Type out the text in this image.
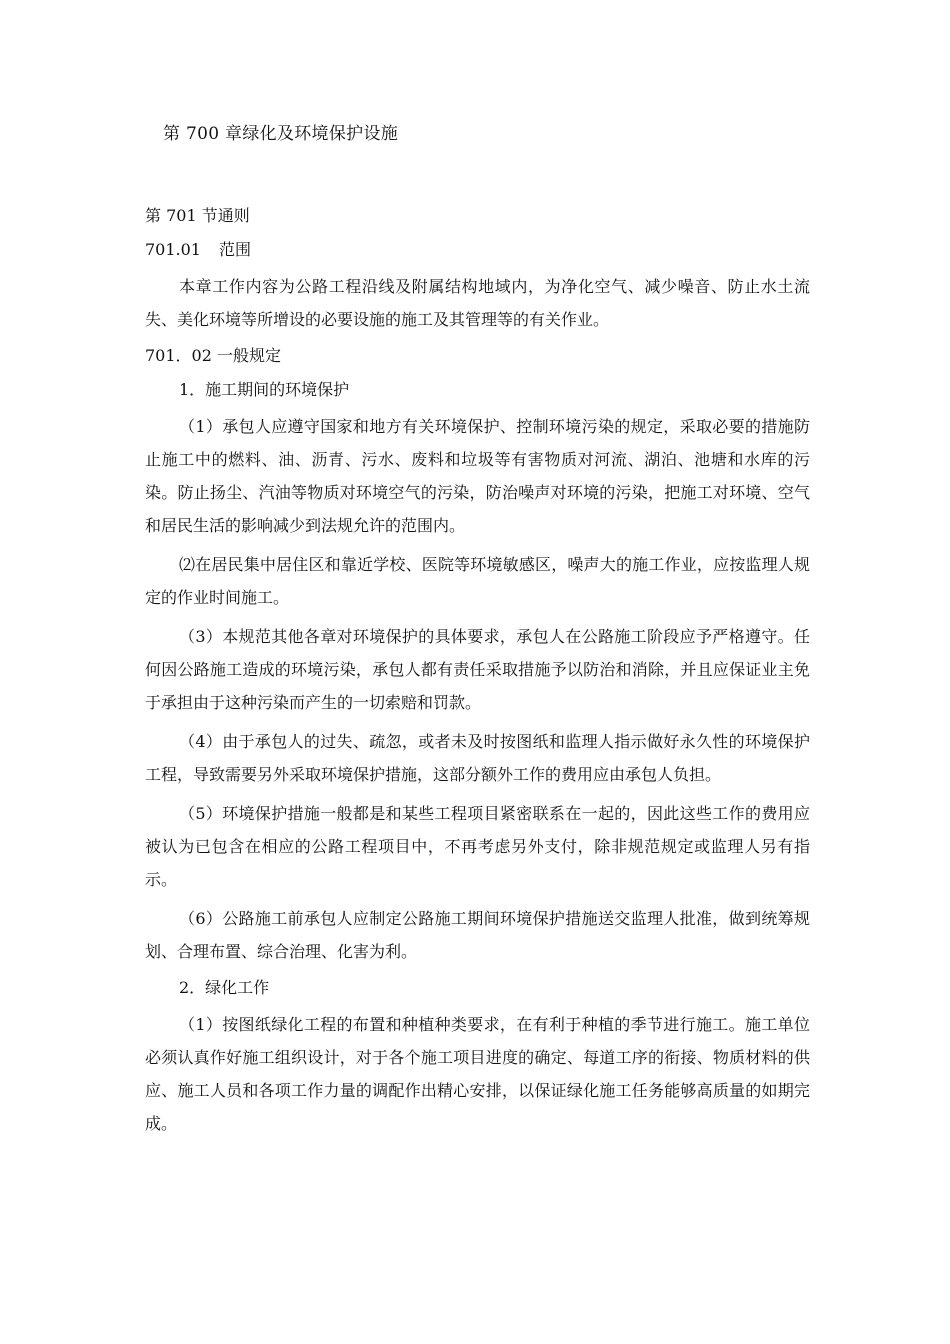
第 700 章绿化及环境保护设施
第 701 节通则
701.01 范围
本章工作内容为公路工程沿线及附属结构地域内，为净化空气、减少噪音、防止水土流失、美化环境等所增设的必要设施的施工及其管理等的有关作业。
701．02 一般规定
1．施工期间的环境保护
（1）承包人应遵守国家和地方有关环境保护、控制环境污染的规定，采取必要的措施防止施工中的燃料、油、沥青、污水、废料和垃圾等有害物质对河流、湖泊、池塘和水库的污染。防止扬尘、汽油等物质对环境空气的污染，防治噪声对环境的污染，把施工对环境、空气和居民生活的影响减少到法规允许的范围内。
⑵在居民集中居住区和靠近学校、医院等环境敏感区，噪声大的施工作业，应按监理人规定的作业时间施工。
（3）本规范其他各章对环境保护的具体要求，承包人在公路施工阶段应予严格遵守。任何因公路施工造成的环境污染，承包人都有责任采取措施予以防治和消除，并且应保证业主免于承担由于这种污染而产生的一切索赔和罚款。
（4）由于承包人的过失、疏忽，或者未及时按图纸和监理人指示做好永久性的环境保护工程，导致需要另外采取环境保护措施，这部分额外工作的费用应由承包人负担。
（5）环境保护措施一般都是和某些工程项目紧密联系在一起的，因此这些工作的费用应被认为已包含在相应的公路工程项目中，不再考虑另外支付，除非规范规定或监理人另有指示。
（6）公路施工前承包人应制定公路施工期间环境保护措施送交监理人批准，做到统筹规划、合理布置、综合治理、化害为利。
2．绿化工作
（1）按图纸绿化工程的布置和种植种类要求，在有利于种植的季节进行施工。施工单位必须认真作好施工组织设计，对于各个施工项目进度的确定、每道工序的衔接、物质材料的供应、施工人员和各项工作力量的调配作出精心安排，以保证绿化施工任务能够高质量的如期完成。
